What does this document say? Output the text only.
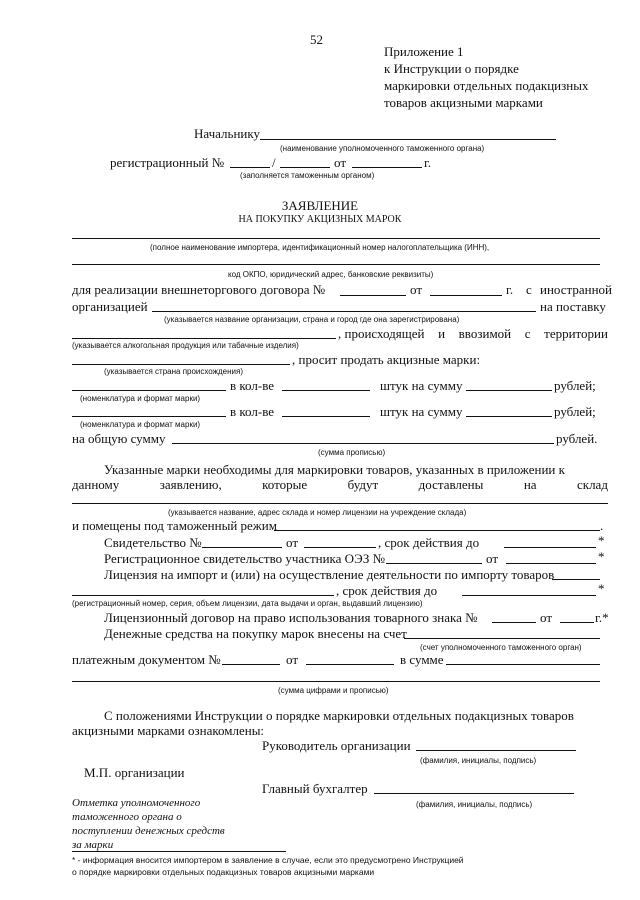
52
Приложение 1
к Инструкции о порядке
маркировки отдельных подакцизных
товаров акцизными марками
Начальнику
(наименование уполномоченного таможенного органа)
регистрационный №	/	от	г.
(заполняется таможенным органом)
ЗАЯВЛЕНИЕ
НА ПОКУПКУ АКЦИЗНЫХ МАРОК
(полное наименование импортера, идентификационный номер налогоплательщика (ИНН),
код ОКПО, юридический адрес, банковские реквизиты)
для реализации внешнеторгового договора №	от	г. с иностранной
организацией	на поставку
(указывается название организации, страна и город где она зарегистрирована)
, происходящей и ввозимой с территории
(указывается алкогольная продукция или табачные изделия)
, просит продать акцизные марки:
(указывается страна происхождения)
в кол-ве	штук на сумму	рублей;
(номенклатура и формат марки)
в кол-ве	штук на сумму	рублей;
(номенклатура и формат марки)
на общую сумму	рублей.
(сумма прописью)
Указанные марки необходимы для маркировки товаров, указанных в приложении к
данному	заявлению,	которые	будут	доставлены	на	склад
(указывается название, адрес склада и номер лицензии на учреждение склада)
и помещены под таможенный режим	.
Свидетельство №	от	, срок действия до	*
Регистрационное свидетельство участника ОЭЗ №	от	*
Лицензия на импорт и (или) на осуществление деятельности по импорту товаров
, срок действия до	*
(регистрационный номер, серия, объем лицензии, дата выдачи и орган, выдавший лицензию)
Лицензионный договор на право использования товарного знака №	от	г.*
Денежные средства на покупку марок внесены на счет
(счет уполномоченного таможенного орган)
платежным документом №	от	в сумме
(сумма цифрами и прописью)
С положениями Инструкции о порядке маркировки отдельных подакцизных товаров
акцизными марками ознакомлены:
Руководитель организации
(фамилия, инициалы, подпись)
М.П. организации
Главный бухгалтер
(фамилия, инициалы, подпись)
Отметка уполномоченного таможенного органа о поступлении денежных средств за марки
* - информация вносится импортером в заявление в случае, если это предусмотрено Инструкцией
о порядке маркировки отдельных подакцизных товаров акцизными марками
